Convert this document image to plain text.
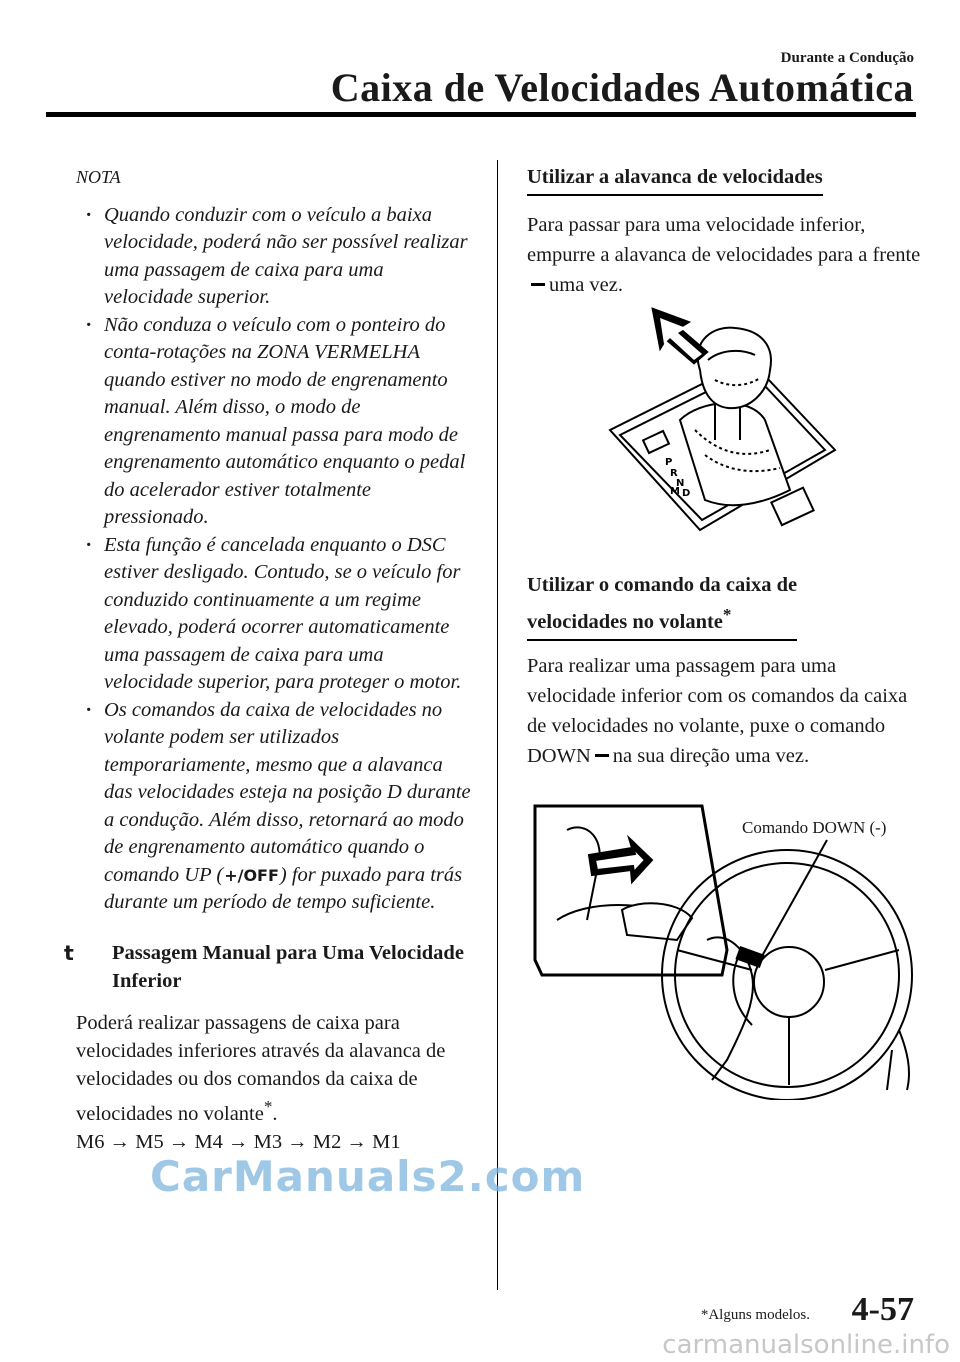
Durante a Condução
Caixa de Velocidades Automática
NOTA
· Quando conduzir com o veículo a baixa velocidade, poderá não ser possível realizar uma passagem de caixa para uma velocidade superior.
· Não conduza o veículo com o ponteiro do conta-rotações na ZONA VERMELHA quando estiver no modo de engrenamento manual. Além disso, o modo de engrenamento manual passa para modo de engrenamento automático enquanto o pedal do acelerador estiver totalmente pressionado.
· Esta função é cancelada enquanto o DSC estiver desligado. Contudo, se o veículo for conduzido continuamente a um regime elevado, poderá ocorrer automaticamente uma passagem de caixa para uma velocidade superior, para proteger o motor.
· Os comandos da caixa de velocidades no volante podem ser utilizados temporariamente, mesmo que a alavanca das velocidades esteja na posição D durante a condução. Além disso, retornará ao modo de engrenamento automático quando o comando UP (+/OFF) for puxado para trás durante um período de tempo suficiente.
t Passagem Manual para Uma Velocidade Inferior
Poderá realizar passagens de caixa para velocidades inferiores através da alavanca de velocidades ou dos comandos da caixa de velocidades no volante*.
M6 → M5 → M4 → M3 → M2 → M1
Utilizar a alavanca de velocidades
Para passar para uma velocidade inferior, empurre a alavanca de velocidades para a frenteuma vez.
P
R
N
D
M
Utilizar o comando da caixa de
velocidades no volante*
Para realizar uma passagem para uma velocidade inferior com os comandos da caixa de velocidades no volante, puxe o comando DOWN na sua direção uma vez.
Comando DOWN (-)
CarManuals2.com
*Alguns modelos. 4-57
carmanualsonline.info
